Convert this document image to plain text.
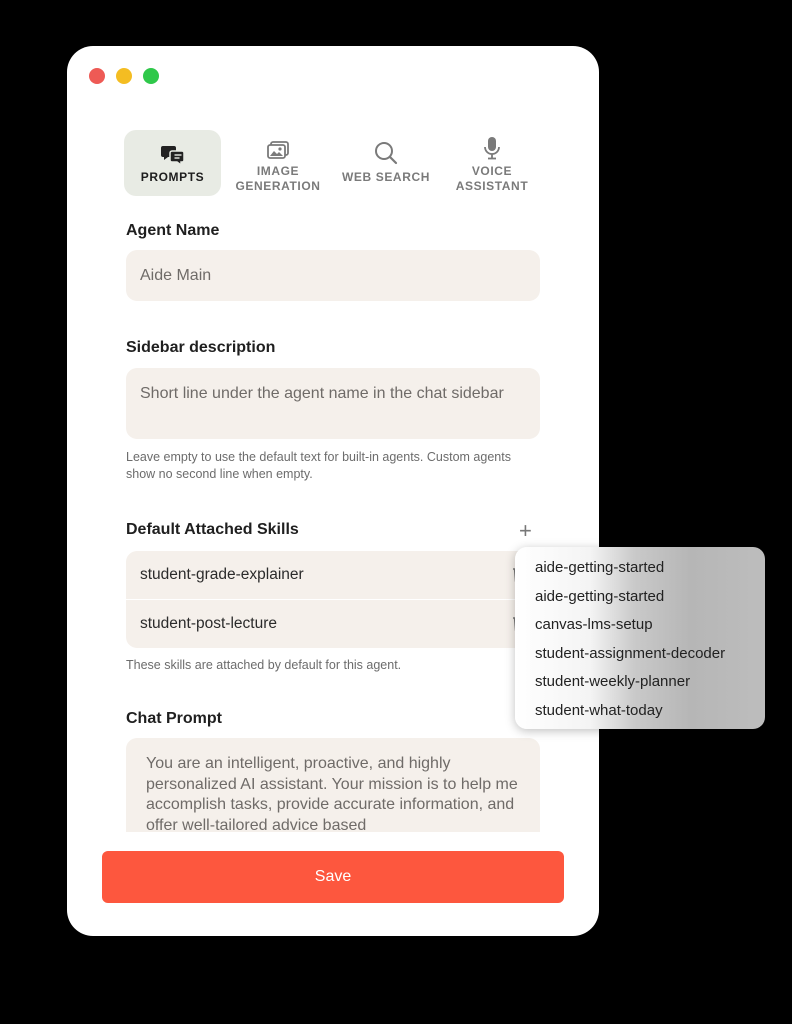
PROMPTS	IMAGE
GENERATION
WEB SEARCH	VOICE
ASSISTANT
Agent Name
Aide Main
Sidebar description
Short line under the agent name in the chat sidebar
Leave empty to use the default text for built-in agents. Custom agents show no second line when empty.
Default Attached Skills	+
student-grade-explainer
student-post-lecture
These skills are attached by default for this agent.
Chat Prompt
You are an intelligent, proactive, and highly personalized AI assistant. Your mission is to help me accomplish tasks, provide accurate information, and offer well-tailored advice based
Save
aide-getting-started
aide-getting-started
canvas-lms-setup
student-assignment-decoder
student-weekly-planner
student-what-today
